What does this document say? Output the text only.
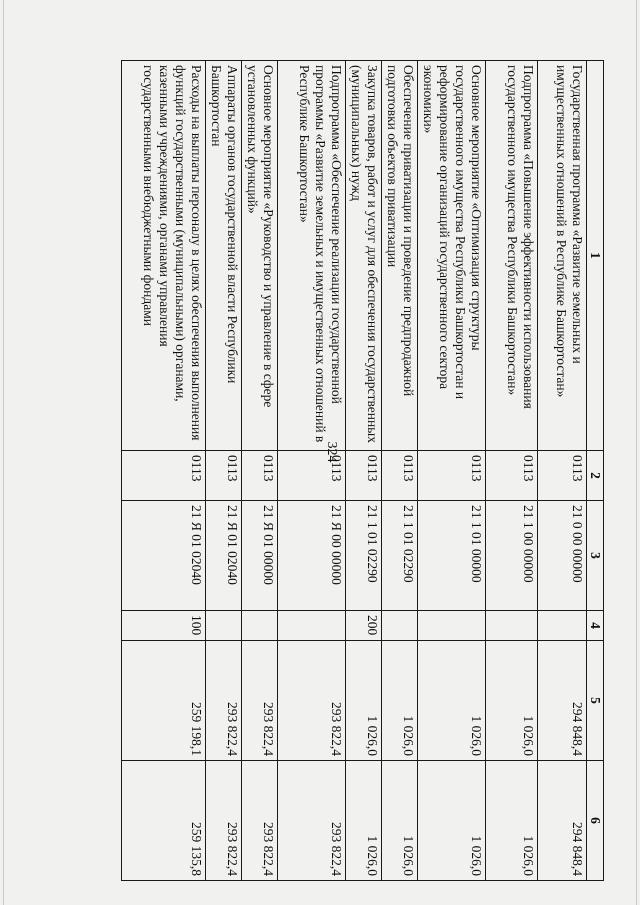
324
1	2	3	4	5	6
Государственная программа «Развитие земельных и имущественных отношений в Республике Башкортостан»	0113	21 0 00 00000		294 848,4	294 848,4
Подпрограмма «Повышение эффективности использования государственного имущества Республики Башкортостан»	0113	21 1 00 00000		1 026,0	1 026,0
Основное мероприятие «Оптимизация структуры государственного имущества Республики Башкортостан и реформирование организаций государственного сектора экономики»	0113	21 1 01 00000		1 026,0	1 026,0
Обеспечение приватизации и проведение предпродажной подготовки объектов приватизации	0113	21 1 01 02290		1 026,0	1 026,0
Закупка товаров, работ и услуг для обеспечения государственных (муниципальных) нужд	0113	21 1 01 02290	200	1 026,0	1 026,0
Подпрограмма «Обеспечение реализации государственной программы «Развитие земельных и имущественных отношений в Республике Башкортостан»	0113	21 Я 00 00000		293 822,4	293 822,4
Основное мероприятие «Руководство и управление в сфере установленных функций»	0113	21 Я 01 00000		293 822,4	293 822,4
Аппараты органов государственной власти Республики Башкортостан	0113	21 Я 01 02040		293 822,4	293 822,4
Расходы на выплаты персоналу в целях обеспечения выполнения функций государственными (муниципальными) органами, казенными учреждениями, органами управления государственными внебюджетными фондами	0113	21 Я 01 02040	100	259 198,1	259 135,8
